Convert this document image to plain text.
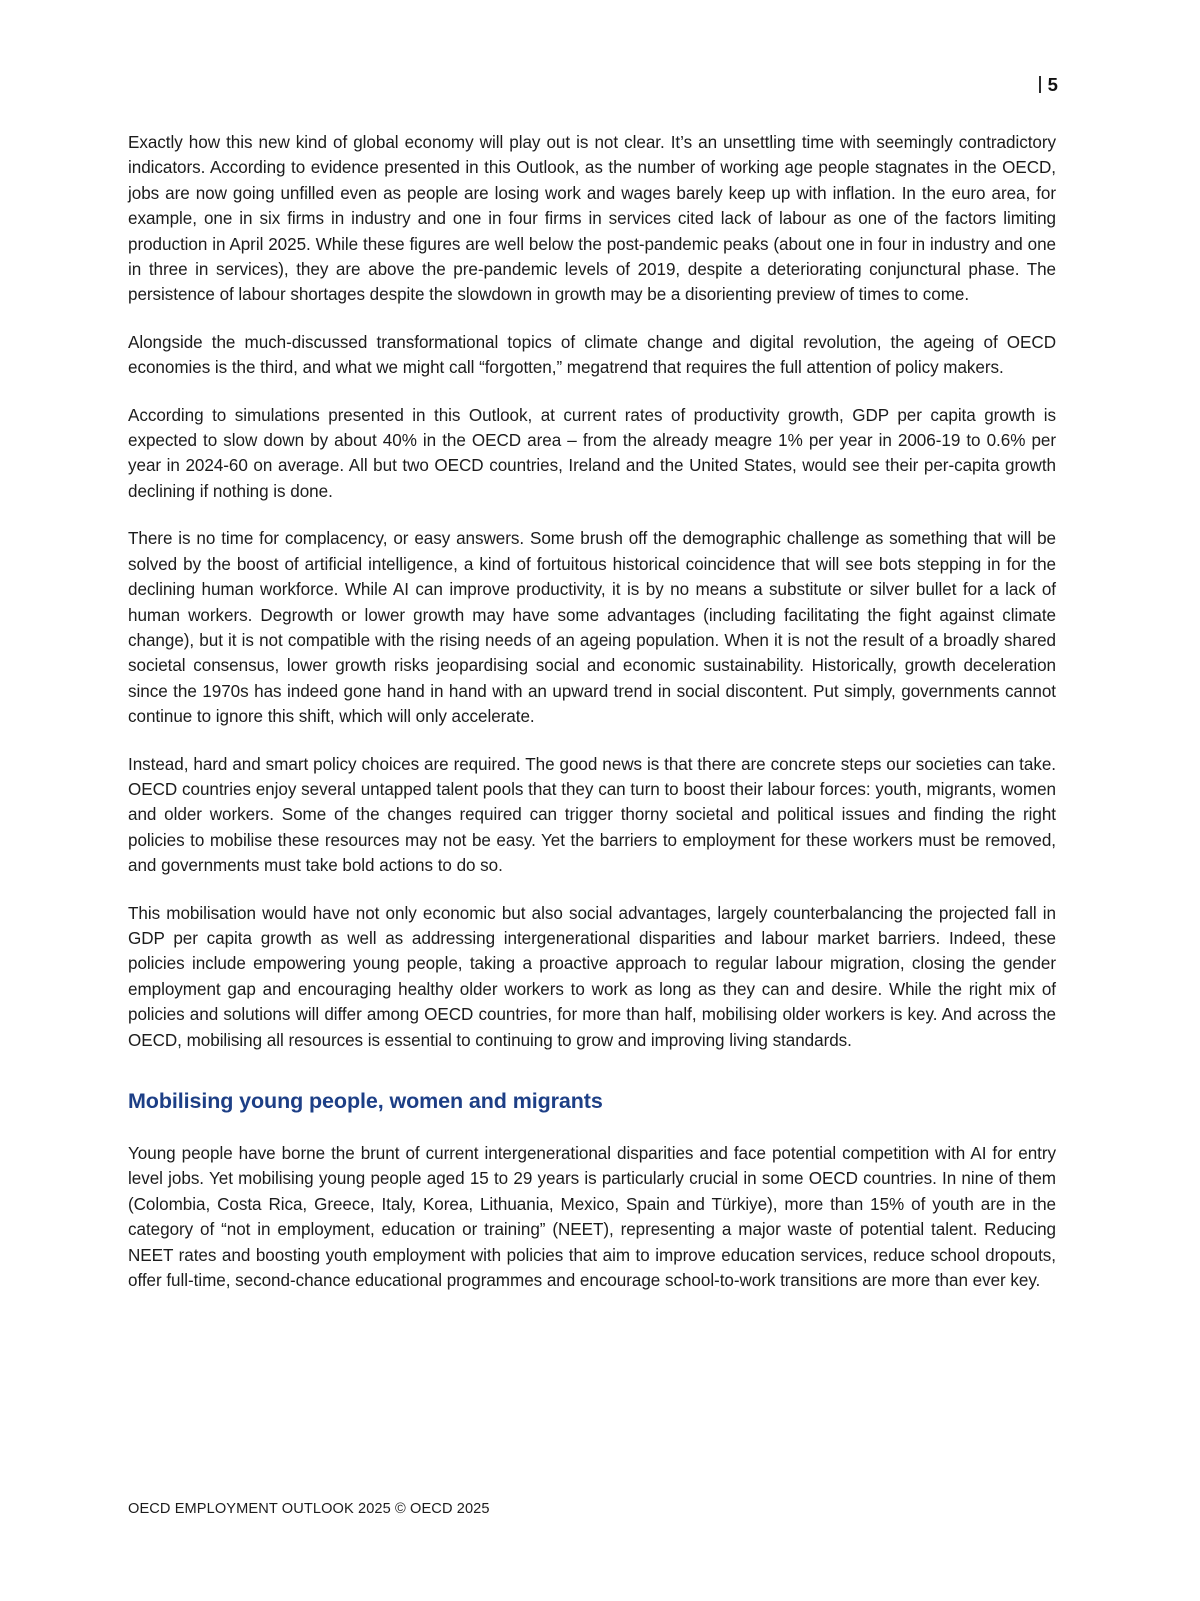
5

Exactly how this new kind of global economy will play out is not clear. It’s an unsettling time with seemingly contradictory indicators. According to evidence presented in this Outlook, as the number of working age people stagnates in the OECD, jobs are now going unfilled even as people are losing work and wages barely keep up with inflation. In the euro area, for example, one in six firms in industry and one in four firms in services cited lack of labour as one of the factors limiting production in April 2025. While these figures are well below the post-pandemic peaks (about one in four in industry and one in three in services), they are above the pre-pandemic levels of 2019, despite a deteriorating conjunctural phase. The persistence of labour shortages despite the slowdown in growth may be a disorienting preview of times to come.

Alongside the much-discussed transformational topics of climate change and digital revolution, the ageing of OECD economies is the third, and what we might call “forgotten,” megatrend that requires the full attention of policy makers.

According to simulations presented in this Outlook, at current rates of productivity growth, GDP per capita growth is expected to slow down by about 40% in the OECD area – from the already meagre 1% per year in 2006-19 to 0.6% per year in 2024-60 on average. All but two OECD countries, Ireland and the United States, would see their per-capita growth declining if nothing is done.

There is no time for complacency, or easy answers. Some brush off the demographic challenge as something that will be solved by the boost of artificial intelligence, a kind of fortuitous historical coincidence that will see bots stepping in for the declining human workforce. While AI can improve productivity, it is by no means a substitute or silver bullet for a lack of human workers. Degrowth or lower growth may have some advantages (including facilitating the fight against climate change), but it is not compatible with the rising needs of an ageing population. When it is not the result of a broadly shared societal consensus, lower growth risks jeopardising social and economic sustainability. Historically, growth deceleration since the 1970s has indeed gone hand in hand with an upward trend in social discontent. Put simply, governments cannot continue to ignore this shift, which will only accelerate.

Instead, hard and smart policy choices are required. The good news is that there are concrete steps our societies can take. OECD countries enjoy several untapped talent pools that they can turn to boost their labour forces: youth, migrants, women and older workers. Some of the changes required can trigger thorny societal and political issues and finding the right policies to mobilise these resources may not be easy. Yet the barriers to employment for these workers must be removed, and governments must take bold actions to do so.

This mobilisation would have not only economic but also social advantages, largely counterbalancing the projected fall in GDP per capita growth as well as addressing intergenerational disparities and labour market barriers. Indeed, these policies include empowering young people, taking a proactive approach to regular labour migration, closing the gender employment gap and encouraging healthy older workers to work as long as they can and desire. While the right mix of policies and solutions will differ among OECD countries, for more than half, mobilising older workers is key. And across the OECD, mobilising all resources is essential to continuing to grow and improving living standards.

Mobilising young people, women and migrants

Young people have borne the brunt of current intergenerational disparities and face potential competition with AI for entry level jobs. Yet mobilising young people aged 15 to 29 years is particularly crucial in some OECD countries. In nine of them (Colombia, Costa Rica, Greece, Italy, Korea, Lithuania, Mexico, Spain and Türkiye), more than 15% of youth are in the category of “not in employment, education or training” (NEET), representing a major waste of potential talent. Reducing NEET rates and boosting youth employment with policies that aim to improve education services, reduce school dropouts, offer full-time, second-chance educational programmes and encourage school-to-work transitions are more than ever key.

OECD EMPLOYMENT OUTLOOK 2025 © OECD 2025
